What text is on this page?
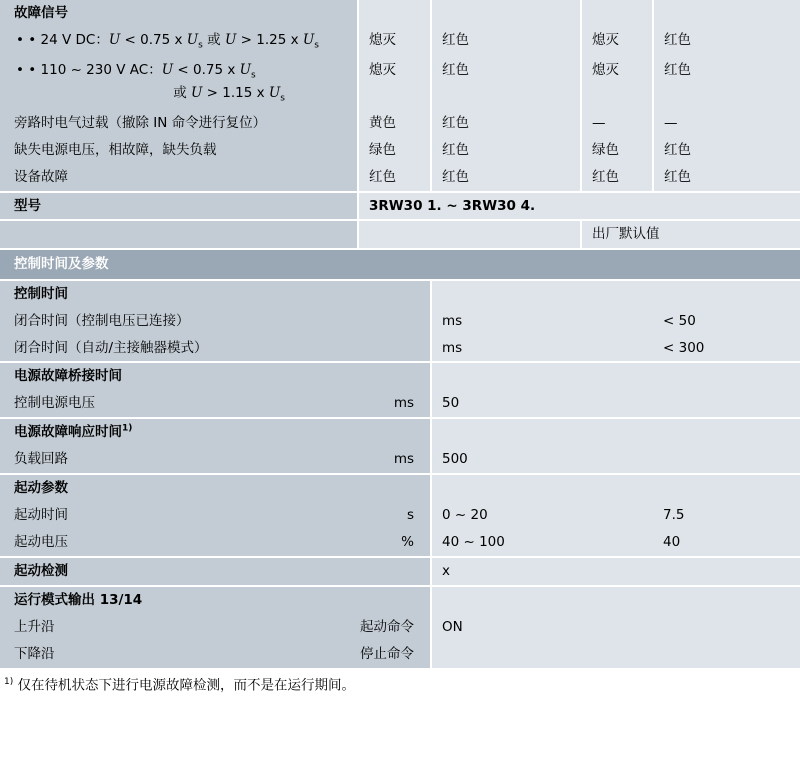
故障信号				

• • 24 V DC：U < 0.75 x $U_s$ 或 U > 1.25 x $U_s$	熄灭	红色	熄灭	红色

• • 110 ~ 230 V AC：U < 0.75 x $U_s$
或 U > 1.15 x $U_s$	熄灭	红色	熄灭	红色

旁路时电气过载（撤除 IN 命令进行复位）	黄色	红色	—	—

缺失电源电压，相故障，缺失负载	绿色	红色	绿色	红色

设备故障	红色	红色	红色	红色

型号	3RW30 1. ~ 3RW30 4.			

			出厂默认值	

控制时间及参数				

控制时间				

闭合时间（控制电压已连接）		ms		< 50

闭合时间（自动/主接触器模式）		ms		< 300

电源故障桥接时间				

控制电源电压 ms		50		

电源故障响应时间$^{1)}$

负载回路 ms		500		

起动参数				

起动时间 s		0 ~ 20		7.5

起动电压 %		40 ~ 100		40

起动检测		x		

运行模式输出 13/14				

上升沿 起动命令		ON		

下降沿 停止命令				

$^{1)}$ 仅在待机状态下进行电源故障检测，而不是在运行期间。
